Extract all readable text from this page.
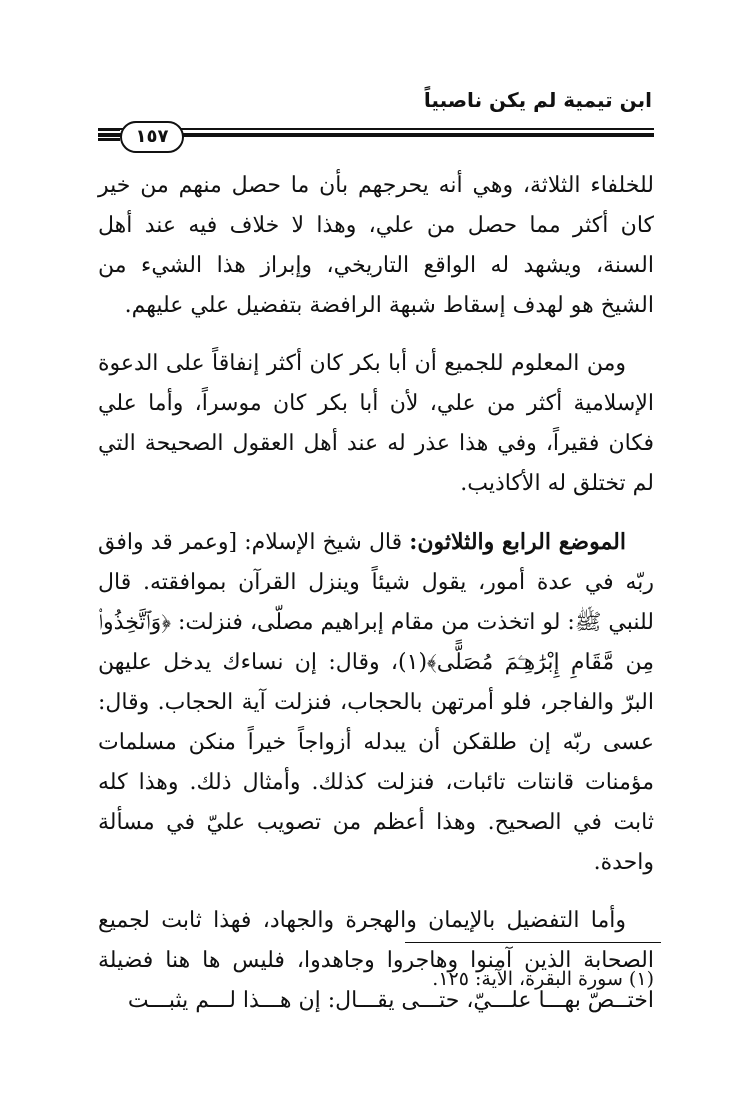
ابن تيمية لم يكن ناصبياً
١٥٧

للخلفاء الثلاثة، وهي أنه يحرجهم بأن ما حصل منهم من خير كان أكثر مما حصل من علي، وهذا لا خلاف فيه عند أهل السنة، ويشهد له الواقع التاريخي، وإبراز هذا الشيء من الشيخ هو لهدف إسقاط شبهة الرافضة بتفضيل علي عليهم.

ومن المعلوم للجميع أن أبا بكر كان أكثر إنفاقاً على الدعوة الإسلامية أكثر من علي، لأن أبا بكر كان موسراً، وأما علي فكان فقيراً، وفي هذا عذر له عند أهل العقول الصحيحة التي لم تختلق له الأكاذيب.

الموضع الرابع والثلاثون: قال شيخ الإسلام: [وعمر قد وافق ربّه في عدة أمور، يقول شيئاً وينزل القرآن بموافقته. قال للنبي ﷺ: لو اتخذت من مقام إبراهيم مصلّى، فنزلت: ﴿وَٱتَّخِذُوا۟ مِن مَّقَامِ إِبْرَٰهِـۧمَ مُصَلًّى﴾(١)، وقال: إن نساءك يدخل عليهن البرّ والفاجر، فلو أمرتهن بالحجاب، فنزلت آية الحجاب. وقال: عسى ربّه إن طلقكن أن يبدله أزواجاً خيراً منكن مسلمات مؤمنات قانتات تائبات، فنزلت كذلك. وأمثال ذلك. وهذا كله ثابت في الصحيح. وهذا أعظم من تصويب عليّ في مسألة واحدة.

وأما التفضيل بالإيمان والهجرة والجهاد، فهذا ثابت لجميع الصحابة الذين آمنوا وهاجروا وجاهدوا، فليس ها هنا فضيلة اختــصّ بهـــا علـــيّ، حتـــى يقـــال: إن هـــذا لـــم يثبـــت

(١) سورة البقرة، الآية: ١٢٥.
